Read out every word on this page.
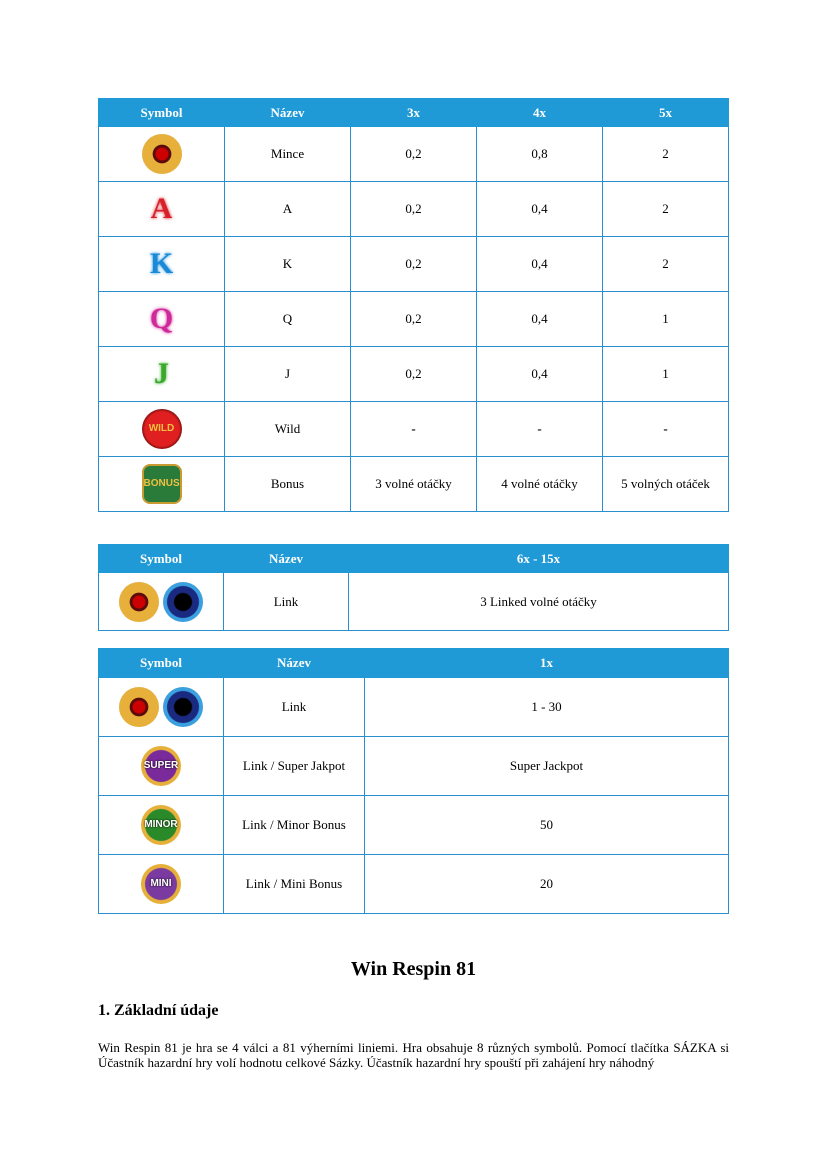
Symbol	Název	3x	4x	5x
	Mince	0,2	0,8	2
A	A	0,2	0,4	2
K	K	0,2	0,4	2
Q	Q	0,2	0,4	1
J	J	0,2	0,4	1
WILD	Wild	-	-	-
BONUS	Bonus	3 volné otáčky	4 volné otáčky	5 volných otáček
Symbol	Název	6x - 15x
	Link	3 Linked volné otáčky
Symbol	Název	1x
	Link	1 - 30
SUPER	Link / Super Jakpot	Super Jackpot
MINOR	Link / Minor Bonus	50
MINI	Link / Mini Bonus	20
Win Respin 81
1. Základní údaje

Win Respin 81 je hra se 4 válci a 81 výherními liniemi. Hra obsahuje 8 různých symbolů. Pomocí tlačítka SÁZKA si Účastník hazardní hry volí hodnotu celkové Sázky. Účastník hazardní hry spouští při zahájení hry náhodný
